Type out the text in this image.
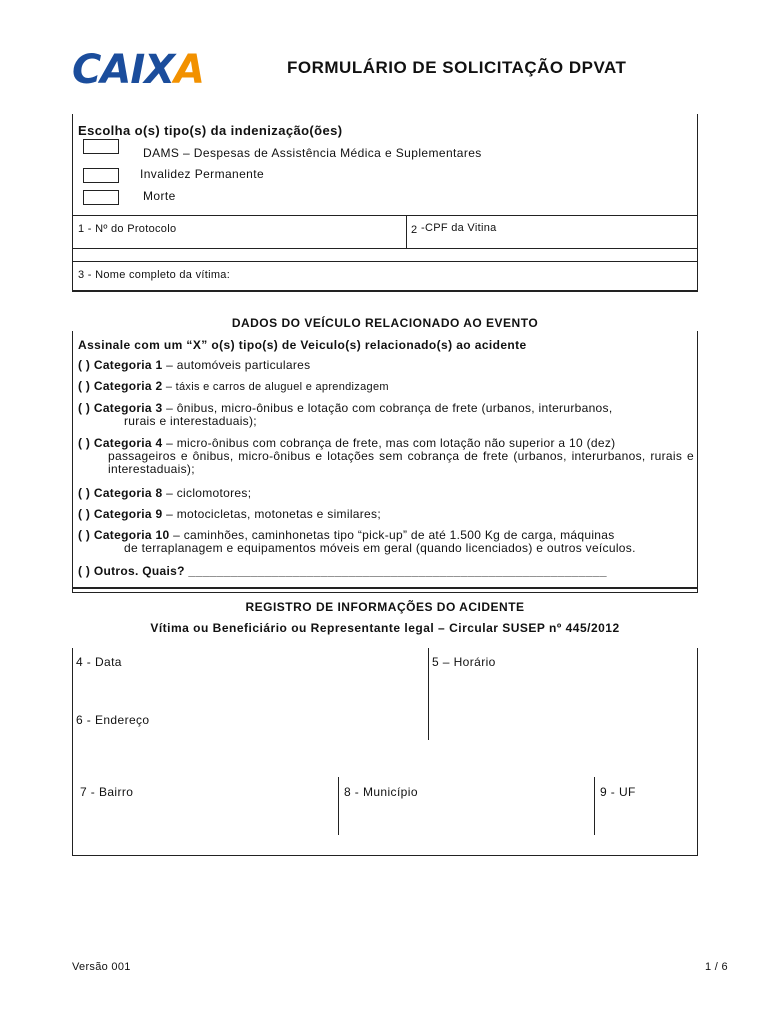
CAIXA	FORMULÁRIO DE SOLICITAÇÃO DPVAT
Escolha o(s) tipo(s) da indenização(ões)
DAMS – Despesas de Assistência Médica e Suplementares
Invalidez Permanente
Morte
1 - Nº do Protocolo	2 -CPF da Vitina
3 - Nome completo da vítima:
DADOS DO VEÍCULO RELACIONADO AO EVENTO
Assinale com um “X” o(s) tipo(s) de Veiculo(s) relacionado(s) ao acidente
( ) Categoria 1 – automóveis particulares
( ) Categoria 2 – táxis e carros de aluguel e aprendizagem
( ) Categoria 3 – ônibus, micro-ônibus e lotação com cobrança de frete (urbanos, interurbanos,
rurais e interestaduais);
( ) Categoria 4 – micro-ônibus com cobrança de frete, mas com lotação não superior a 10 (dez)
passageiros e ônibus, micro-ônibus e lotações sem cobrança de frete (urbanos, interurbanos, rurais e interestaduais);
( ) Categoria 8 – ciclomotores;
( ) Categoria 9 – motocicletas, motonetas e similares;
( ) Categoria 10 – caminhões, caminhonetas tipo “pick-up” de até 1.500 Kg de carga, máquinas
de terraplanagem e equipamentos móveis em geral (quando licenciados) e outros veículos.
( ) Outros. Quais? ____________________________________________________________
REGISTRO DE INFORMAÇÕES DO ACIDENTE
Vítima ou Beneficiário ou Representante legal – Circular SUSEP nº 445/2012
4 - Data	5 – Horário
6 - Endereço
7 - Bairro	8 - Município	9 - UF
Versão 001	1 / 6
